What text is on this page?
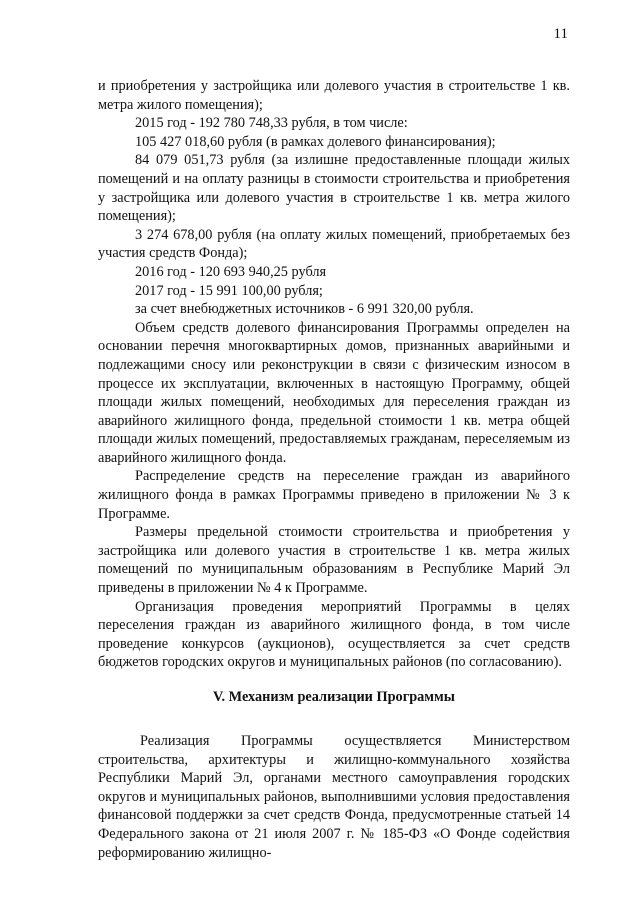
11

и приобретения у застройщика или долевого участия в строительстве 1 кв. метра жилого помещения);

2015 год - 192 780 748,33 рубля, в том числе:

105 427 018,60 рубля (в рамках долевого финансирования);

84 079 051,73 рубля (за излишне предоставленные площади жилых помещений и на оплату разницы в стоимости строительства и приобретения у застройщика или долевого участия в строительстве 1 кв. метра жилого помещения);

3 274 678,00 рубля (на оплату жилых помещений, приобретаемых без участия средств Фонда);

2016 год - 120 693 940,25 рубля

2017 год - 15 991 100,00 рубля;

за счет внебюджетных источников - 6 991 320,00 рубля.

Объем средств долевого финансирования Программы определен на основании перечня многоквартирных домов, признанных аварийными и подлежащими сносу или реконструкции в связи с физическим износом в процессе их эксплуатации, включенных в настоящую Программу, общей площади жилых помещений, необходимых для переселения граждан из аварийного жилищного фонда, предельной стоимости 1 кв. метра общей площади жилых помещений, предоставляемых гражданам, переселяемым из аварийного жилищного фонда.

Распределение средств на переселение граждан из аварийного жилищного фонда в рамках Программы приведено в приложении № 3 к Программе.

Размеры предельной стоимости строительства и приобретения у застройщика или долевого участия в строительстве 1 кв. метра жилых помещений по муниципальным образованиям в Республике Марий Эл приведены в приложении № 4 к Программе.

Организация проведения мероприятий Программы в целях переселения граждан из аварийного жилищного фонда, в том числе проведение конкурсов (аукционов), осуществляется за счет средств бюджетов городских округов и муниципальных районов (по согласованию).

V. Механизм реализации Программы

Реализация Программы осуществляется Министерством строительства, архитектуры и жилищно-коммунального хозяйства Республики Марий Эл, органами местного самоуправления городских округов и муниципальных районов, выполнившими условия предоставления финансовой поддержки за счет средств Фонда, предусмотренные статьей 14 Федерального закона от 21 июля 2007 г. № 185-ФЗ «О Фонде содействия реформированию жилищно-
